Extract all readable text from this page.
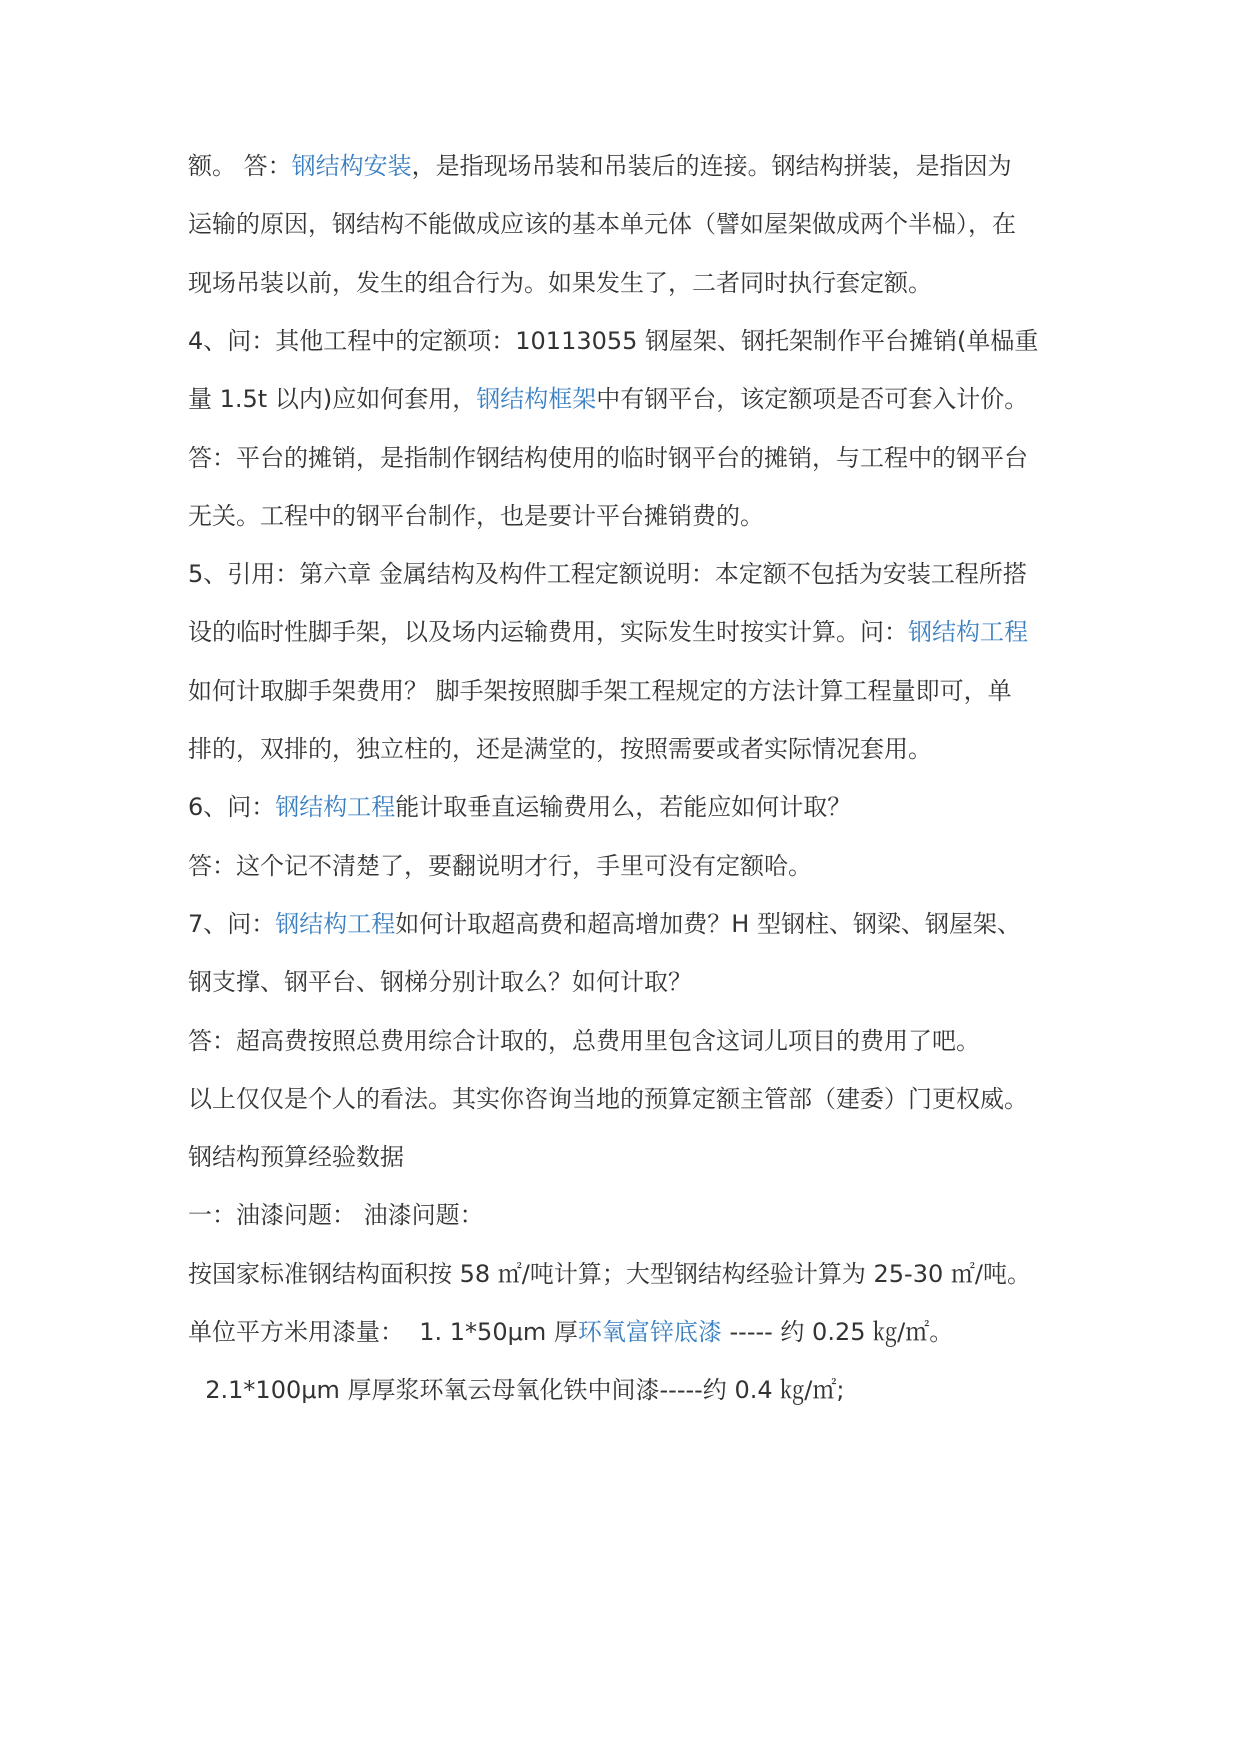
额。 答：钢结构安装，是指现场吊装和吊装后的连接。钢结构拼装，是指因为
运输的原因，钢结构不能做成应该的基本单元体（譬如屋架做成两个半榀），在
现场吊装以前，发生的组合行为。如果发生了，二者同时执行套定额。
4、问：其他工程中的定额项：10113055 钢屋架、钢托架制作平台摊销(单榀重
量 1.5t 以内)应如何套用，钢结构框架中有钢平台，该定额项是否可套入计价。
答：平台的摊销，是指制作钢结构使用的临时钢平台的摊销，与工程中的钢平台
无关。工程中的钢平台制作，也是要计平台摊销费的。
5、引用：第六章 金属结构及构件工程定额说明：本定额不包括为安装工程所搭
设的临时性脚手架，以及场内运输费用，实际发生时按实计算。问：钢结构工程
如何计取脚手架费用？ 脚手架按照脚手架工程规定的方法计算工程量即可，单
排的，双排的，独立柱的，还是满堂的，按照需要或者实际情况套用。
6、问：钢结构工程能计取垂直运输费用么，若能应如何计取？
答：这个记不清楚了，要翻说明才行，手里可没有定额哈。
7、问：钢结构工程如何计取超高费和超高增加费？H 型钢柱、钢梁、钢屋架、
钢支撑、钢平台、钢梯分别计取么？如何计取？
答：超高费按照总费用综合计取的，总费用里包含这词儿项目的费用了吧。
以上仅仅是个人的看法。其实你咨询当地的预算定额主管部（建委）门更权威。
钢结构预算经验数据
一：油漆问题： 油漆问题：
按国家标准钢结构面积按 58 ㎡/吨计算；大型钢结构经验计算为 25-30 ㎡/吨。
单位平方米用漆量：  1. 1*50μm 厚环氧富锌底漆 ----- 约 0.25 ㎏/㎡。
2.1*100μm 厚厚浆环氧云母氧化铁中间漆-----约 0.4 ㎏/㎡;
